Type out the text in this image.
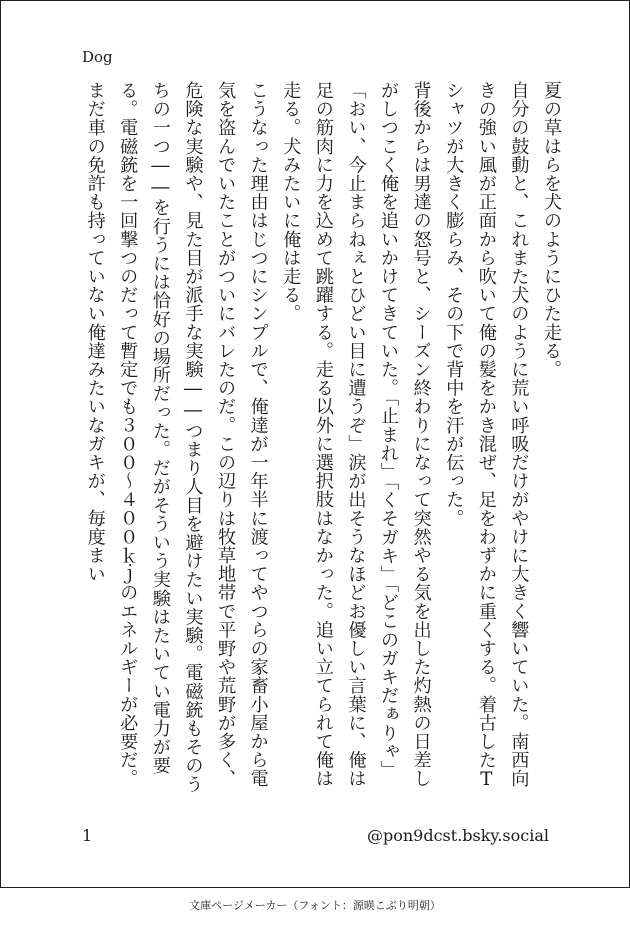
Dog

夏の草はらを犬のようにひた走る。

自分の鼓動と、これまた犬のように荒い呼吸だけがやけに大きく響いていた。南西向きの強い風が正面から吹いて俺の髪をかき混ぜ、足をわずかに重くする。着古したTシャツが大きく膨らみ、その下で背中を汗が伝った。

背後からは男達の怒号と、シーズン終わりになって突然やる気を出した灼熱の日差しがしつこく俺を追いかけてきていた。「止まれ」「くそガキ」「どこのガキだぁりゃ」「おい、今止まらねぇとひどい目に遭うぞ」涙が出そうなほどお優しい言葉に、俺は足の筋肉に力を込めて跳躍する。走る以外に選択肢はなかった。追い立てられて俺は走る。犬みたいに俺は走る。

こうなった理由はじつにシンプルで、俺達が一年半に渡ってやつらの家畜小屋から電気を盗んでいたことがついにバレたのだ。この辺りは牧草地帯で平野や荒野が多く、危険な実験や、見た目が派手な実験――つまり人目を避けたい実験。電磁銃もそのうちの一つ――を行うには恰好の場所だった。だがそういう実験はたいてい電力が要る。電磁銃を一回撃つのだって暫定でも３００～４００ｋｊのエネルギーが必要だ。まだ車の免許も持っていない俺達みたいなガキが、毎度まい

1	@pon9dcst.bsky.social
文庫ページメーカー（フォント：源暎こぶり明朝）
